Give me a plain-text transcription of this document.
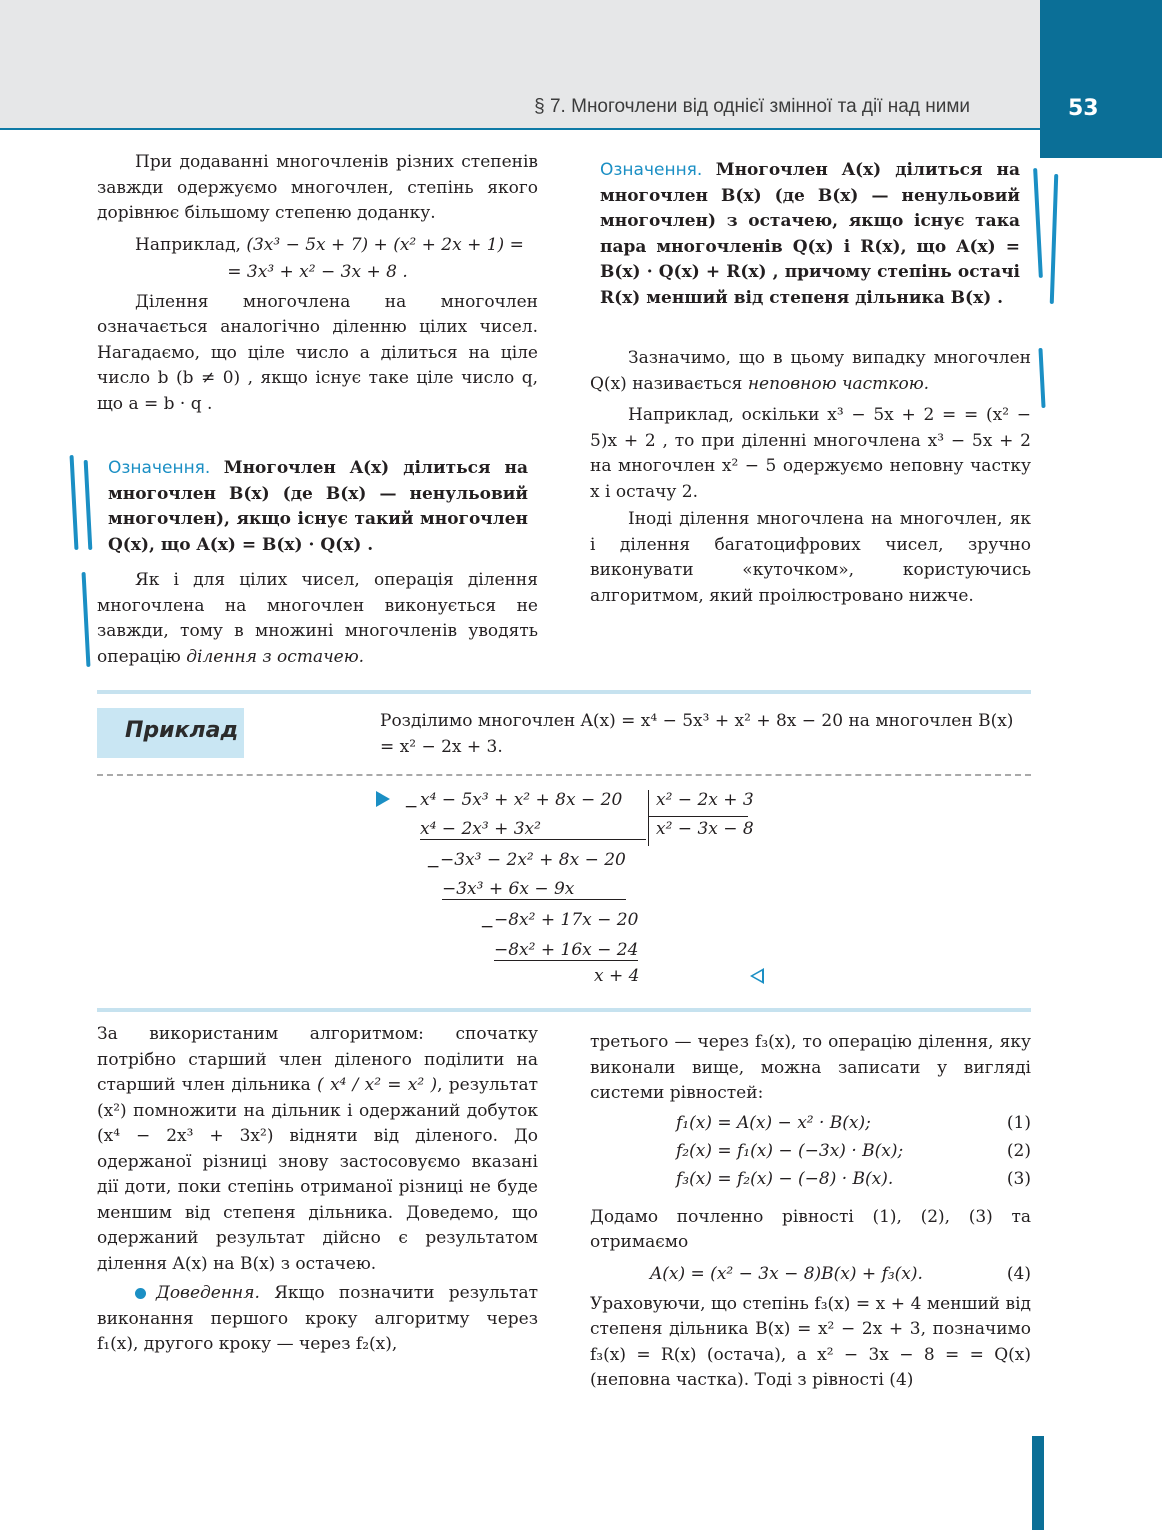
§ 7. Многочлени від однієї змінної та дії над ними	53

При додаванні многочленів різних степенів завжди одержуємо многочлен, степінь якого дорівнює більшому степеню доданку.

Наприклад, (3x³ − 5x + 7) + (x² + 2x + 1) =

= 3x³ + x² − 3x + 8 .

Ділення многочлена на многочлен означається аналогічно діленню цілих чисел. Нагадаємо, що ціле число a ділиться на ціле число b (b ≠ 0) , якщо існує таке ціле число q, що a = b · q .

Означення. Многочлен A(x) ділиться на многочлен B(x) (де B(x) — ненульовий многочлен), якщо існує такий многочлен Q(x), що A(x) = B(x) · Q(x) .

Як і для цілих чисел, операція ділення многочлена на многочлен виконується не завжди, тому в множині многочленів уводять операцію ділення з остачею.

Означення. Многочлен A(x) ділиться на многочлен B(x) (де B(x) — ненульовий многочлен) з остачею, якщо існує така пара многочленів Q(x) і R(x), що A(x) = B(x) · Q(x) + R(x) , причому степінь остачі R(x) менший від степеня дільника B(x) .

Зазначимо, що в цьому випадку многочлен Q(x) називається неповною часткою.

Наприклад, оскільки x³ − 5x + 2 = = (x² − 5)x + 2 , то при діленні многочлена x³ − 5x + 2 на многочлен x² − 5 одержуємо неповну частку x і остачу 2.

Іноді ділення многочлена на многочлен, як і ділення багатоцифрових чисел, зручно виконувати «куточком», користуючись алгоритмом, який проілюстровано нижче.

Приклад	Розділимо многочлен A(x) = x⁴ − 5x³ + x² + 8x − 20 на многочлен B(x) = x² − 2x + 3.
− x⁴ − 5x³ + x² + 8x − 20 x² − 2x + 3
x² − 3x − 8
x⁴ − 2x³ + 3x²
− −3x³ − 2x² + 8x − 20
−3x³ + 6x − 9x
− −8x² + 17x − 20
−8x² + 16x − 24
x + 4

За використаним алгоритмом: спочатку потрібно старший член діленого поділити на старший член дільника ( x⁴ / x² = x² ), результат (x²) помножити на дільник і одержаний добуток (x⁴ − 2x³ + 3x²) відняти від діленого. До одержаної різниці знову застосовуємо вказані дії доти, поки степінь отриманої різниці не буде меншим від степеня дільника. Доведемо, що одержаний результат дійсно є результатом ділення A(x) на B(x) з остачею.

Доведення. Якщо позначити результат виконання першого кроку алгоритму через f₁(x), другого кроку — через f₂(x),

третього — через f₃(x), то операцію ділення, яку виконали вище, можна записати у вигляді системи рівностей:

f₁(x) = A(x) − x² · B(x);	(1)
f₂(x) = f₁(x) − (−3x) · B(x);	(2)
f₃(x) = f₂(x) − (−8) · B(x).	(3)

Додамо почленно рівності (1), (2), (3) та отримаємо

A(x) = (x² − 3x − 8)B(x) + f₃(x).	(4)

Ураховуючи, що степінь f₃(x) = x + 4 менший від степеня дільника B(x) = x² − 2x + 3, позначимо f₃(x) = R(x) (остача), а x² − 3x − 8 = = Q(x) (неповна частка). Тоді з рівності (4)
